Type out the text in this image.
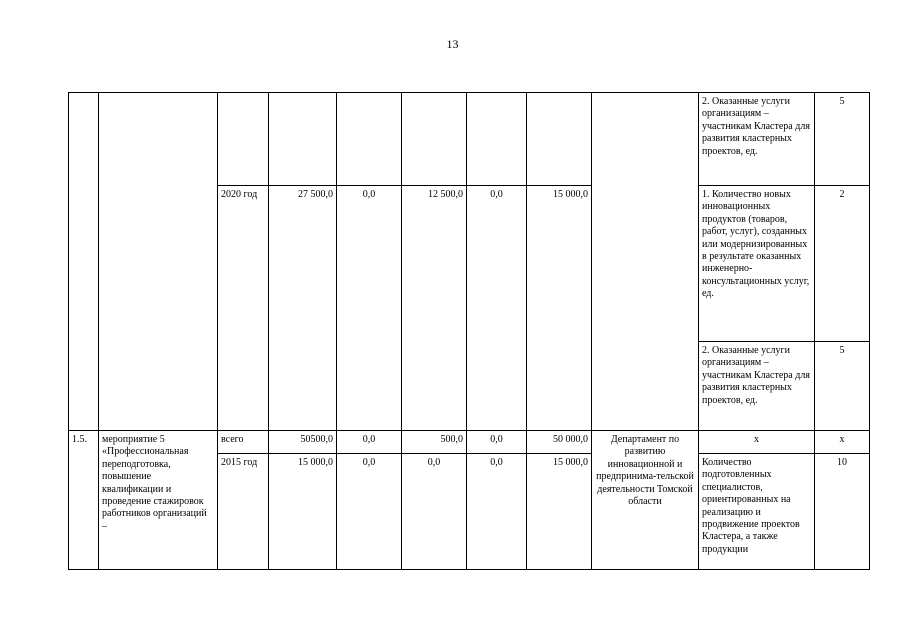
13
									2. Оказанные услуги организациям – участникам Кластера для развития кластерных проектов, ед.	5
		2020 год	27 500,0	0,0	12 500,0	0,0	15 000,0		1. Количество новых инновационных продуктов (товаров, работ, услуг), созданных или модернизированных в результате оказанных инженерно-консультационных услуг, ед.	2
									2. Оказанные услуги организациям – участникам Кластера для развития кластерных проектов, ед.	5
1.5.	мероприятие 5 «Профессиональная переподготовка, повышение квалификации и проведение стажировок работников организаций –	всего	50500,0	0,0	500,0	0,0	50 000,0	Департамент по развитию инновационной и предпринима-тельской деятельности Томской области	х	х
		2015 год	15 000,0	0,0	0,0	0,0	15 000,0		Количество подготовленных специалистов, ориентированных на реализацию и продвижение проектов Кластера, а также продукции	10
